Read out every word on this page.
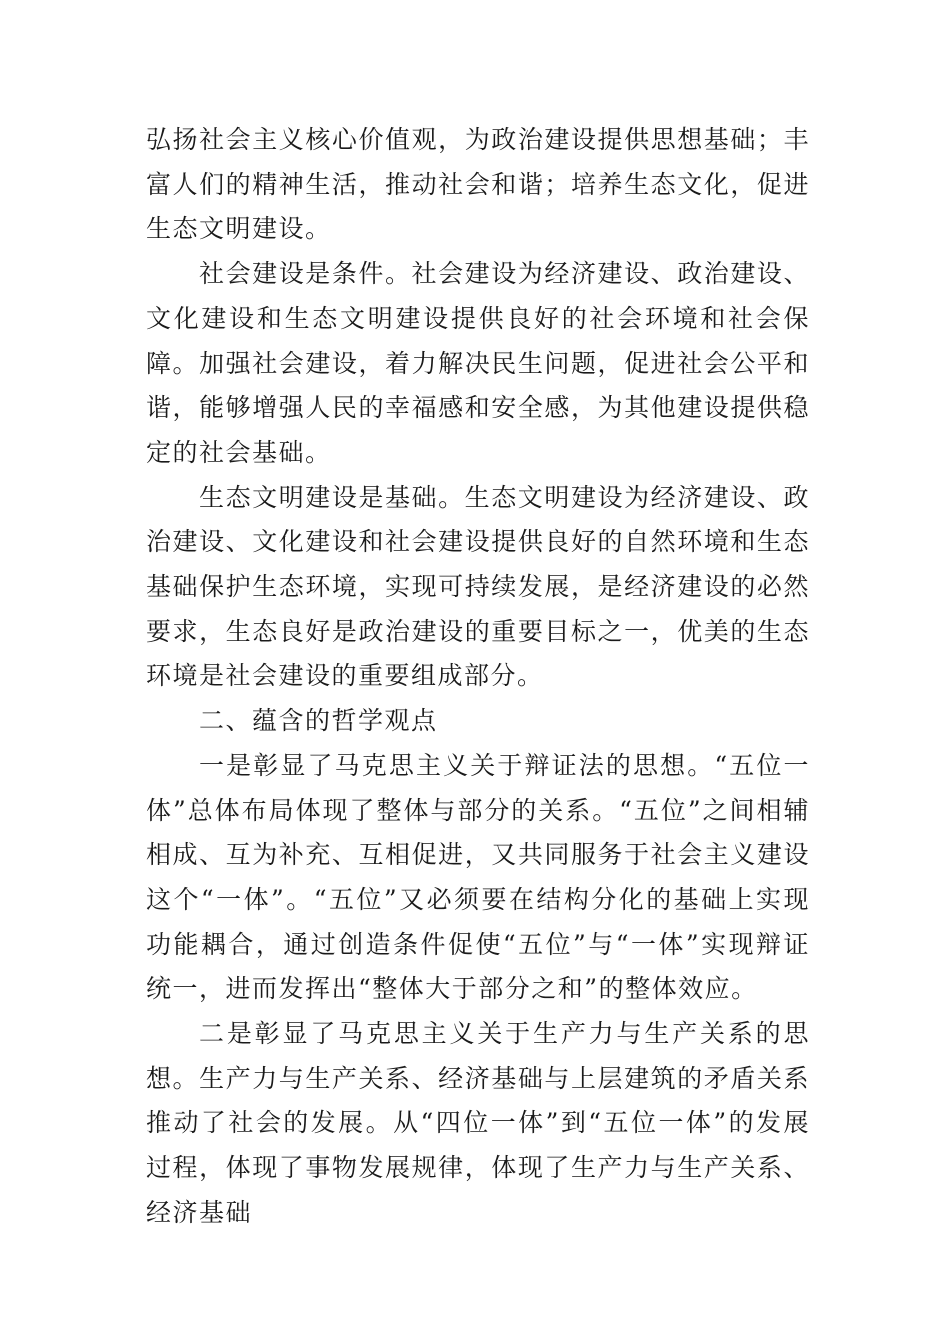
弘扬社会主义核心价值观，为政治建设提供思想基础；丰富人们的精神生活，推动社会和谐；培养生态文化，促进生态文明建设。

社会建设是条件。社会建设为经济建设、政治建设、文化建设和生态文明建设提供良好的社会环境和社会保障。加强社会建设，着力解决民生问题，促进社会公平和谐，能够增强人民的幸福感和安全感，为其他建设提供稳定的社会基础。

生态文明建设是基础。生态文明建设为经济建设、政治建设、文化建设和社会建设提供良好的自然环境和生态基础保护生态环境，实现可持续发展，是经济建设的必然要求，生态良好是政治建设的重要目标之一，优美的生态环境是社会建设的重要组成部分。

二、蕴含的哲学观点

一是彰显了马克思主义关于辩证法的思想。“五位一体”总体布局体现了整体与部分的关系。“五位”之间相辅相成、互为补充、互相促进，又共同服务于社会主义建设这个“一体”。“五位”又必须要在结构分化的基础上实现功能耦合，通过创造条件促使“五位”与“一体”实现辩证统一，进而发挥出“整体大于部分之和”的整体效应。

二是彰显了马克思主义关于生产力与生产关系的思想。生产力与生产关系、经济基础与上层建筑的矛盾关系推动了社会的发展。从“四位一体”到“五位一体”的发展过程，体现了事物发展规律，体现了生产力与生产关系、经济基础
